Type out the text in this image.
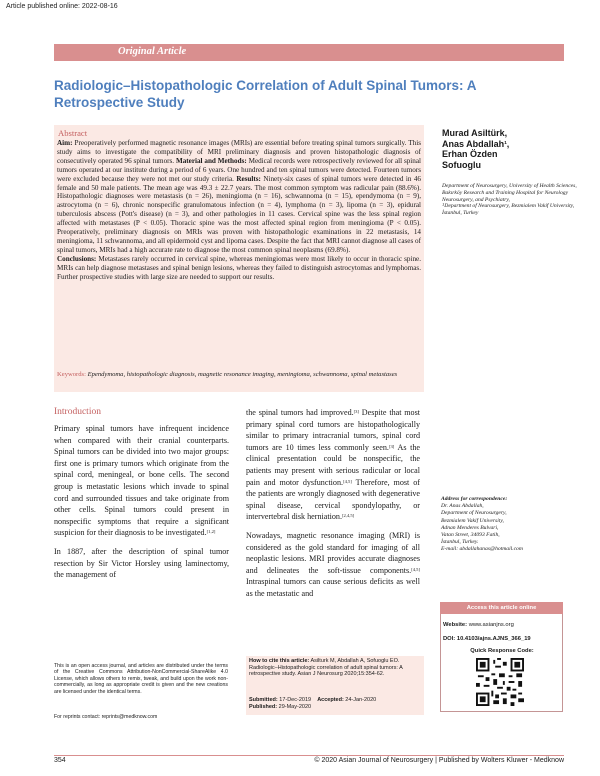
Article published online: 2022-08-16
Original Article
Radiologic–Histopathologic Correlation of Adult Spinal Tumors: A Retrospective Study
Abstract

Aim: Preoperatively performed magnetic resonance images (MRIs) are essential before treating spinal tumors surgically. This study aims to investigate the compatibility of MRI preliminary diagnosis and proven histopathologic diagnosis of consecutively operated 96 spinal tumors. Material and Methods: Medical records were retrospectively reviewed for all spinal tumors operated at our institute during a period of 6 years. One hundred and ten spinal tumors were detected. Fourteen tumors were excluded because they were not met our study criteria. Results: Ninety-six cases of spinal tumors were detected in 46 female and 50 male patients. The mean age was 49.3 ± 22.7 years. The most common symptom was radicular pain (88.6%). Histopathologic diagnoses were metastasis (n = 26), meningioma (n = 16), schwannoma (n = 15), ependymoma (n = 9), astrocytoma (n = 6), chronic nonspecific granulomatous infection (n = 4), lymphoma (n = 3), lipoma (n = 3), epidural tuberculosis abscess (Pott's disease) (n = 3), and other pathologies in 11 cases. Cervical spine was the less spinal region affected with metastases (P < 0.05). Thoracic spine was the most affected spinal region from meningioma (P < 0.05). Preoperatively, preliminary diagnosis on MRIs was proven with histopathologic examinations in 22 metastasis, 14 meningioma, 11 schwannoma, and all epidermoid cyst and lipoma cases. Despite the fact that MRI cannot diagnose all cases of spinal tumors, MRIs had a high accurate rate to diagnose the most common spinal neoplasms (69.8%).

Conclusions: Metastases rarely occurred in cervical spine, whereas meningiomas were most likely to occur in thoracic spine. MRIs can help diagnose metastases and spinal benign lesions, whereas they failed to distinguish astrocytomas and lymphomas. Further prospective studies with large size are needed to support our results.

Keywords: Ependymoma, histopathologic diagnosis, magnetic resonance imaging, meningioma, schwannoma, spinal metastases
Murad Asiltürk,
Anas Abdallah$^1$,
Erhan Özden
Sofuoglu
Department of Neurosurgery, University of Health Sciences, Bakırköy Research and Training Hospital for Neurology Neurosurgery, and Psychiatry,
$^1$Department of Neurosurgery, Bezmialem Vakif University, İstanbul, Turkey
Introduction

Primary spinal tumors have infrequent incidence when compared with their cranial counterparts. Spinal tumors can be divided into two major groups: first one is primary tumors which originate from the spinal cord, meningeal, or bone cells. The second group is metastatic lesions which invade to spinal cord and surrounded tissues and take originate from other cells. Spinal tumors could present in nonspecific symptoms that require a significant suspicion for their diagnosis to be investigated.[1,2]

In 1887, after the description of spinal tumor resection by Sir Victor Horsley using laminectomy, the management of

the spinal tumors had improved.[3] Despite that most primary spinal cord tumors are histopathologically similar to primary intracranial tumors, spinal cord tumors are 10 times less commonly seen.[3] As the clinical presentation could be nonspecific, the patients may present with serious radicular or local pain and motor dysfunction.[4,5] Therefore, most of the patients are wrongly diagnosed with degenerative spinal disease, cervical spondylopathy, or intervertebral disk herniation.[2,4,5]

Nowadays, magnetic resonance imaging (MRI) is considered as the gold standard for imaging of all neoplastic lesions. MRI provides accurate diagnoses and delineates the soft-tissue components.[4,5] Intraspinal tumors can cause serious deficits as well as the metastatic and

Address for correspondence:
Dr. Anas Abdallah,
Department of Neurosurgery,
Bezmialem Vakif University,
Adnan Menderes Bulvari,
Vatan Street, 34093 Fatih,
İstanbul, Turkey.
E-mail: abdallahanas@hotmail.com
Access this article online
Website: www.asianjns.org
DOI: 10.4103/ajns.AJNS_366_19
Quick Response Code:
How to cite this article: Asilturk M, Abdallah A, Sofuoglu EO. Radiologic–Histopathologic correlation of adult spinal tumors: A retrospective study. Asian J Neurosurg 2020;15:354-62.
Submitted: 17-Dec-2019 Accepted: 24-Jan-2020
Published: 29-May-2020
This is an open access journal, and articles are distributed under the terms of the Creative Commons Attribution-NonCommercial-ShareAlike 4.0 License, which allows others to remix, tweak, and build upon the work non-commercially, as long as appropriate credit is given and the new creations are licensed under the identical terms.
For reprints contact: reprints@medknow.com
354	© 2020 Asian Journal of Neurosurgery | Published by Wolters Kluwer - Medknow
